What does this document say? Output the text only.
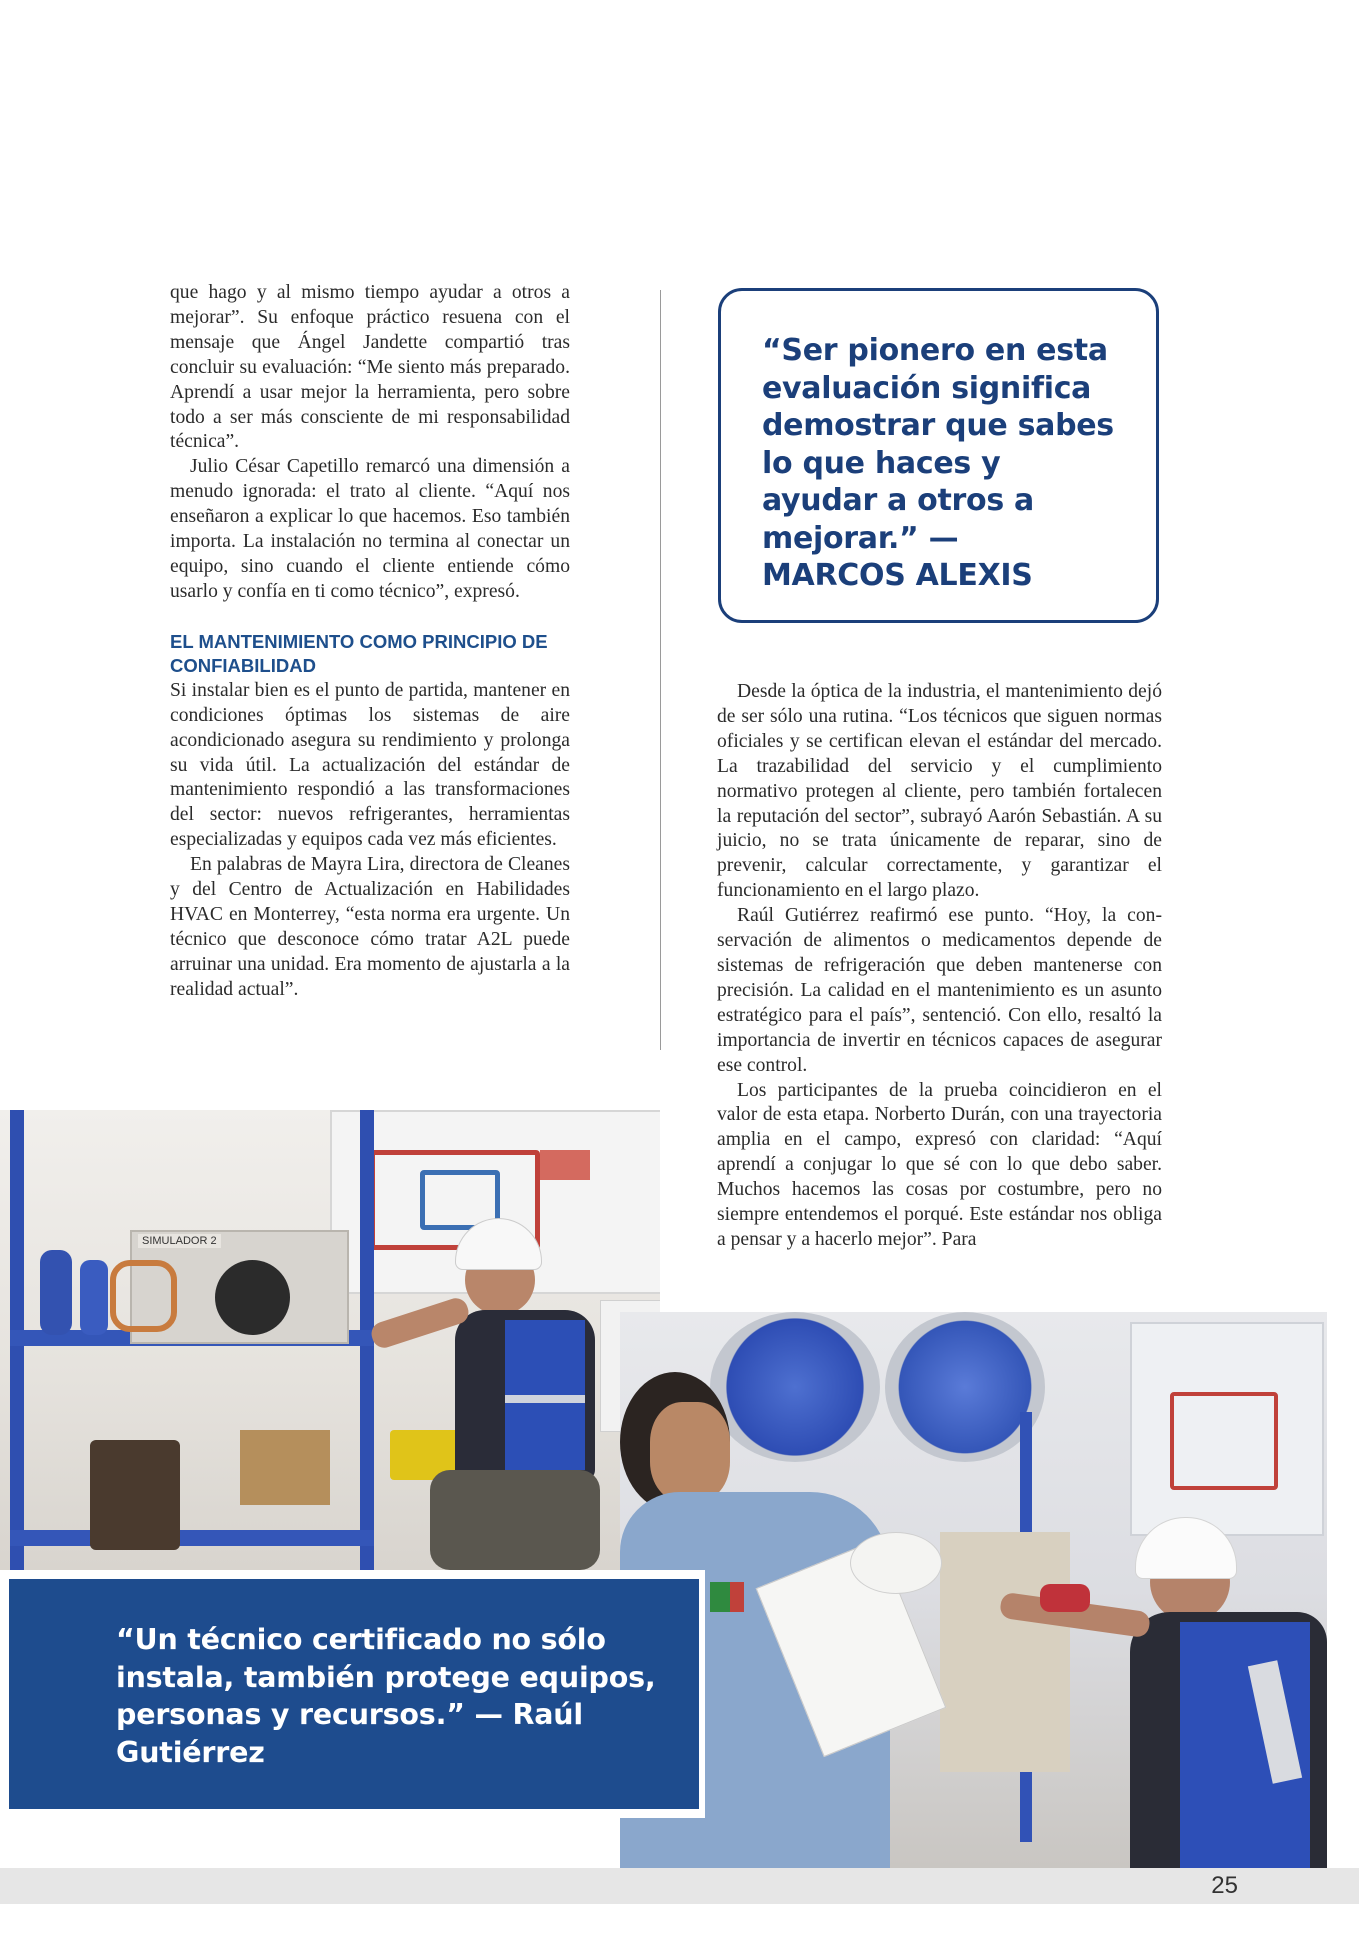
que hago y al mismo tiempo ayudar a otros a mejorar”. Su enfoque práctico resuena con el mensaje que Ángel Jandette compartió tras concluir su evaluación: “Me siento más preparado. Aprendí a usar mejor la herramienta, pero sobre todo a ser más consciente de mi responsabilidad técnica”.

Julio César Capetillo remarcó una dimensión a menudo ignorada: el trato al cliente. “Aquí nos enseñaron a explicar lo que hacemos. Eso también importa. La instalación no termina al conectar un equipo, sino cuando el cliente entiende cómo usarlo y confía en ti como técnico”, expresó.

EL MANTENIMIENTO COMO PRINCIPIO DE CONFIABILIDAD

Si instalar bien es el punto de partida, mantener en condiciones óptimas los sistemas de aire acondicionado asegura su rendimiento y prolonga su vida útil. La actualización del estándar de mantenimiento respondió a las transformaciones del sector: nuevos refrigerantes, herramientas especializadas y equipos cada vez más eficientes.

En palabras de Mayra Lira, directora de Cleanes y del Centro de Actualización en Habilidades HVAC en Monterrey, “esta norma era urgente. Un técnico que desconoce cómo tratar A2L puede arruinar una unidad. Era momento de ajustarla a la realidad actual”.

“Ser pionero en esta evaluación significa demostrar que sabes lo que haces y ayudar a otros a mejorar.” —
MARCOS ALEXIS

Desde la óptica de la industria, el mantenimiento dejó de ser sólo una rutina. “Los técnicos que siguen normas oficiales y se certifican elevan el estándar del mercado. La trazabilidad del servicio y el cumplimiento normativo protegen al cliente, pero también fortalecen la reputación del sector”, subrayó Aarón Sebastián. A su juicio, no se trata únicamente de reparar, sino de prevenir, calcular correctamente, y garantizar el funcionamiento en el largo plazo.

Raúl Gutiérrez reafirmó ese punto. “Hoy, la conservación de alimentos o medicamentos depende de sistemas de refrigeración que deben mantenerse con precisión. La calidad en el mantenimiento es un asunto estratégico para el país”, sentenció. Con ello, resaltó la importancia de invertir en técnicos capaces de asegurar ese control.

Los participantes de la prueba coincidieron en el valor de esta etapa. Norberto Durán, con una trayectoria amplia en el campo, expresó con claridad: “Aquí aprendí a conjugar lo que sé con lo que debo saber. Muchos hacemos las cosas por costumbre, pero no siempre entendemos el porqué. Este estándar nos obliga a pensar y a hacerlo mejor”. Para

SIMULADOR 2
“Un técnico certificado no sólo instala, también protege equipos, personas y recursos.” — Raúl Gutiérrez
25
